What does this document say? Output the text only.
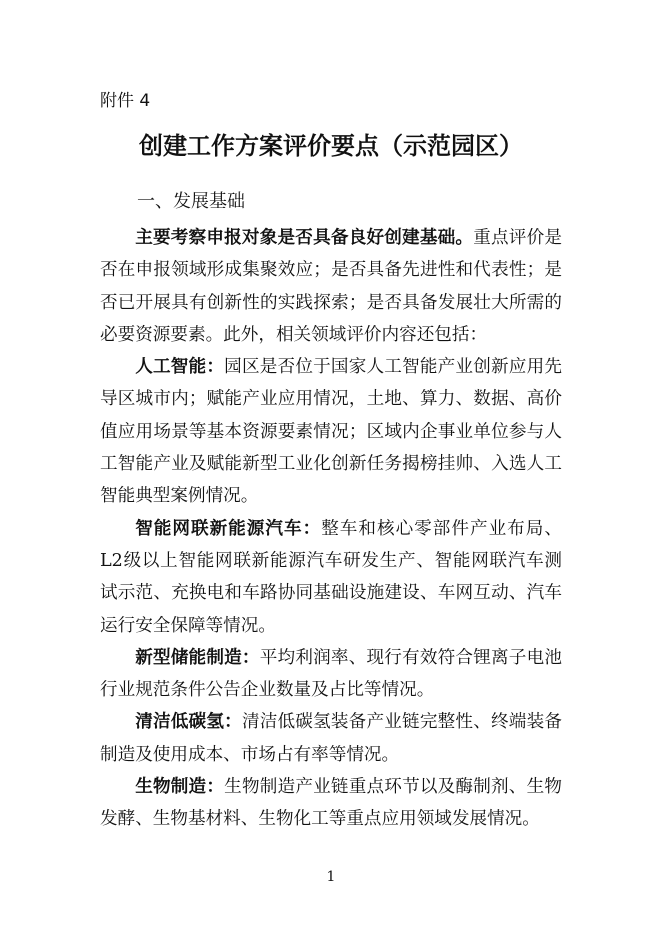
附件 4
创建工作方案评价要点（示范园区）
一、发展基础

主要考察申报对象是否具备良好创建基础。重点评价是否在申报领域形成集聚效应；是否具备先进性和代表性；是否已开展具有创新性的实践探索；是否具备发展壮大所需的必要资源要素。此外，相关领域评价内容还包括：

人工智能：园区是否位于国家人工智能产业创新应用先导区城市内；赋能产业应用情况，土地、算力、数据、高价值应用场景等基本资源要素情况；区域内企事业单位参与人工智能产业及赋能新型工业化创新任务揭榜挂帅、入选人工智能典型案例情况。

智能网联新能源汽车：整车和核心零部件产业布局、L2级以上智能网联新能源汽车研发生产、智能网联汽车测试示范、充换电和车路协同基础设施建设、车网互动、汽车运行安全保障等情况。

新型储能制造：平均利润率、现行有效符合锂离子电池行业规范条件公告企业数量及占比等情况。

清洁低碳氢：清洁低碳氢装备产业链完整性、终端装备制造及使用成本、市场占有率等情况。

生物制造：生物制造产业链重点环节以及酶制剂、生物发酵、生物基材料、生物化工等重点应用领域发展情况。

1
